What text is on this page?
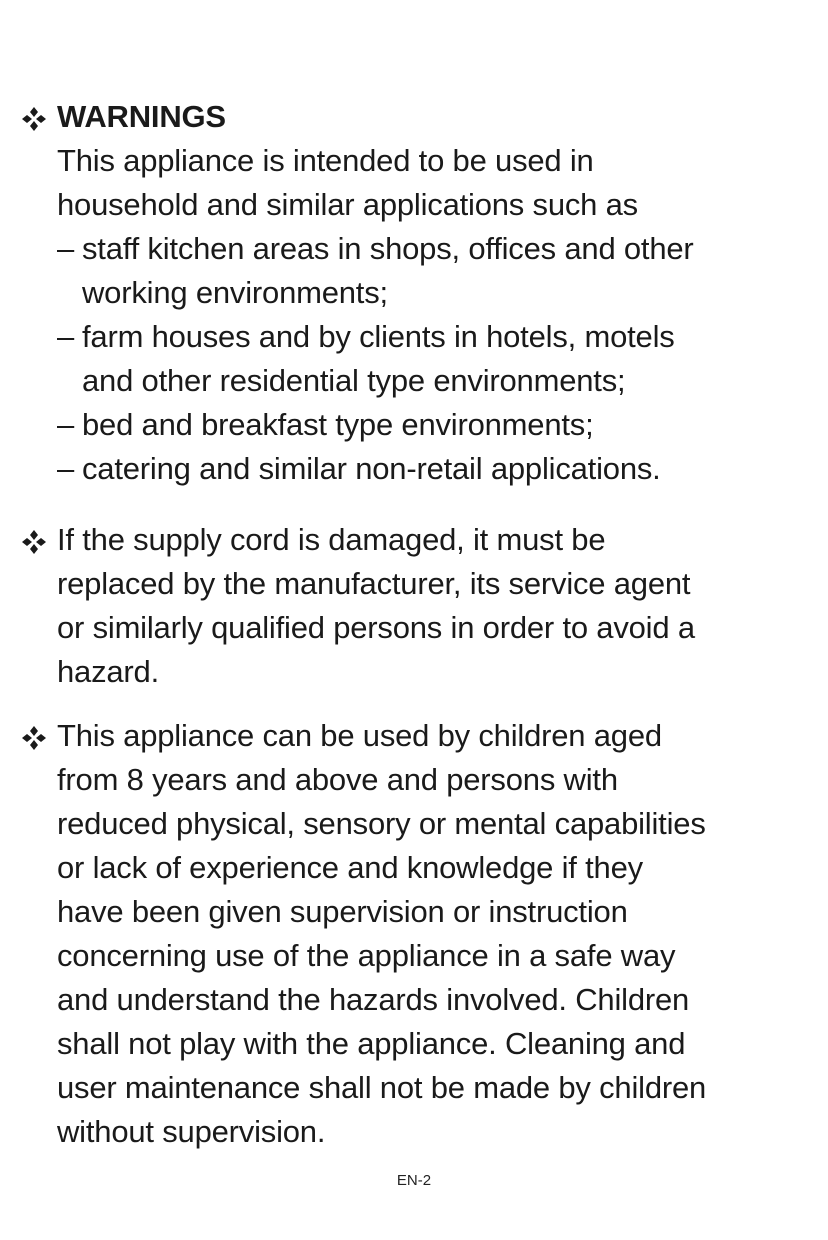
WARNINGS
This appliance is intended to be used in
household and similar applications such as
– staff kitchen areas in shops, offices and other
working environments;
– farm houses and by clients in hotels, motels
and other residential type environments;
– bed and breakfast type environments;
– catering and similar non-retail applications.
If the supply cord is damaged, it must be
replaced by the manufacturer, its service agent
or similarly qualified persons in order to avoid a
hazard.
This appliance can be used by children aged
from 8 years and above and persons with
reduced physical, sensory or mental capabilities
or lack of experience and knowledge if they
have been given supervision or instruction
concerning use of the appliance in a safe way
and understand the hazards involved. Children
shall not play with the appliance. Cleaning and
user maintenance shall not be made by children
without supervision.
EN-2
